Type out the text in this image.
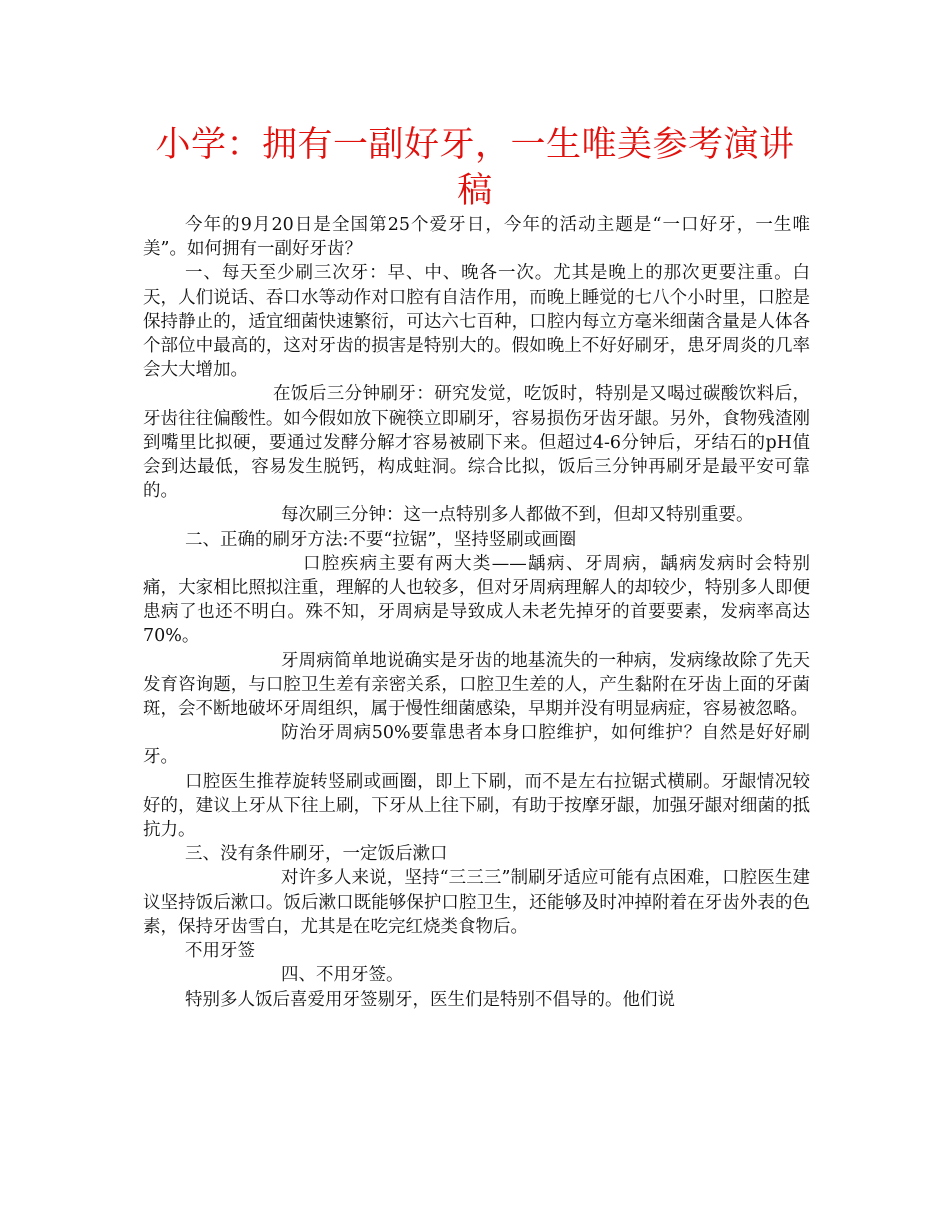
小学：拥有一副好牙，一生唯美参考演讲稿

今年的9月20日是全国第25个爱牙日，今年的活动主题是“一口好牙，一生唯美”。如何拥有一副好牙齿？

一、每天至少刷三次牙：早、中、晚各一次。尤其是晚上的那次更要注重。白天，人们说话、吞口水等动作对口腔有自洁作用，而晚上睡觉的七八个小时里，口腔是保持静止的，适宜细菌快速繁衍，可达六七百种，口腔内每立方毫米细菌含量是人体各个部位中最高的，这对牙齿的损害是特别大的。假如晚上不好好刷牙，患牙周炎的几率会大大增加。

在饭后三分钟刷牙：研究发觉，吃饭时，特别是又喝过碳酸饮料后，牙齿往往偏酸性。如今假如放下碗筷立即刷牙，容易损伤牙齿牙龈。另外，食物残渣刚到嘴里比拟硬，要通过发酵分解才容易被刷下来。但超过4-6分钟后，牙结石的pH值会到达最低，容易发生脱钙，构成蛀洞。综合比拟，饭后三分钟再刷牙是最平安可靠的。

每次刷三分钟：这一点特别多人都做不到，但却又特别重要。

二、正确的刷牙方法:不要“拉锯”，坚持竖刷或画圈

口腔疾病主要有两大类——龋病、牙周病，龋病发病时会特别痛，大家相比照拟注重，理解的人也较多，但对牙周病理解人的却较少，特别多人即便患病了也还不明白。殊不知，牙周病是导致成人未老先掉牙的首要要素，发病率高达70%。

牙周病简单地说确实是牙齿的地基流失的一种病，发病缘故除了先天发育咨询题，与口腔卫生差有亲密关系，口腔卫生差的人，产生黏附在牙齿上面的牙菌斑，会不断地破坏牙周组织，属于慢性细菌感染，早期并没有明显病症，容易被忽略。

防治牙周病50%要靠患者本身口腔维护，如何维护？自然是好好刷牙。

口腔医生推荐旋转竖刷或画圈，即上下刷，而不是左右拉锯式横刷。牙龈情况较好的，建议上牙从下往上刷，下牙从上往下刷，有助于按摩牙龈，加强牙龈对细菌的抵抗力。

三、没有条件刷牙，一定饭后漱口

对许多人来说，坚持“三三三”制刷牙适应可能有点困难，口腔医生建议坚持饭后漱口。饭后漱口既能够保护口腔卫生，还能够及时冲掉附着在牙齿外表的色素，保持牙齿雪白，尤其是在吃完红烧类食物后。

不用牙签

四、不用牙签。

特别多人饭后喜爱用牙签剔牙，医生们是特别不倡导的。他们说
